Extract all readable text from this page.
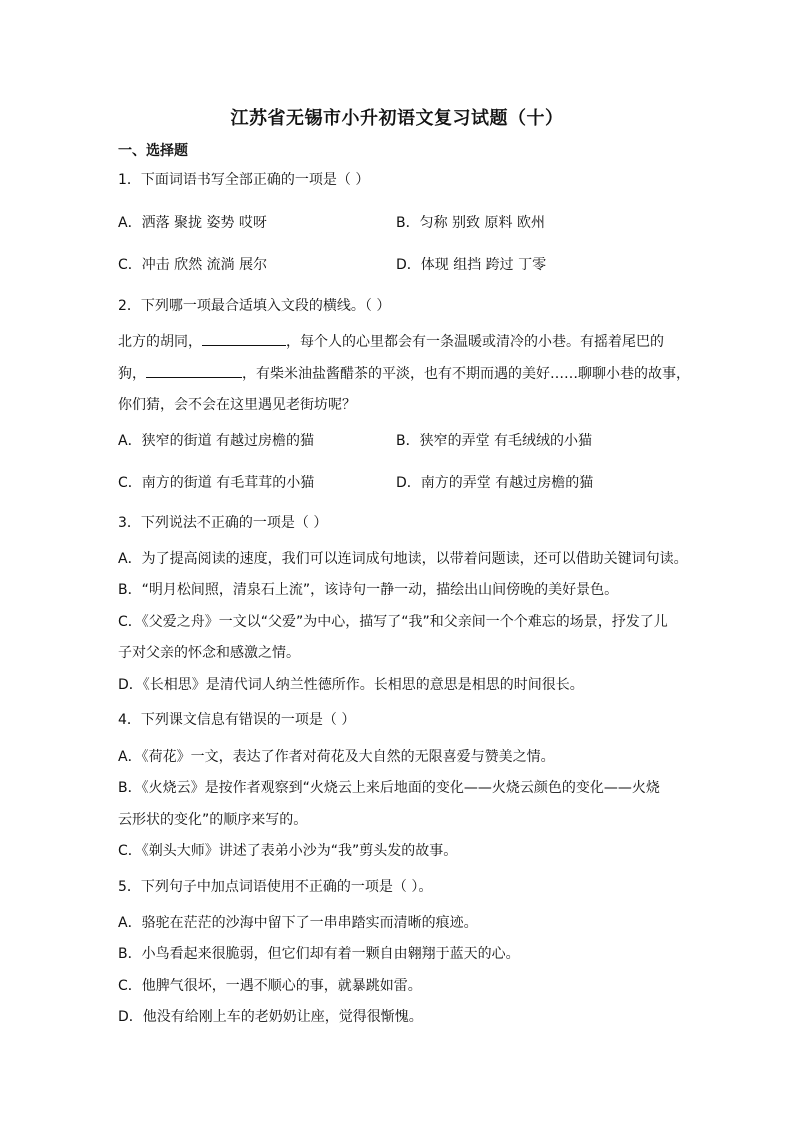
江苏省无锡市小升初语文复习试题（十）
一、选择题
1．下面词语书写全部正确的一项是（ ）
A．洒落 聚拢 姿势 哎呀	B．匀称 别致 原料 欧州
C．冲击 欣然 流淌 展尔	D．体现 组挡 跨过 丁零
2．下列哪一项最合适填入文段的横线。（ ）
北方的胡同，	，每个人的心里都会有一条温暖或清冷的小巷。有摇着尾巴的
狗，	，有柴米油盐酱醋茶的平淡，也有不期而遇的美好……聊聊小巷的故事，
你们猜，会不会在这里遇见老街坊呢？
A．狭窄的街道 有越过房檐的猫	B．狭窄的弄堂 有毛绒绒的小猫
C．南方的街道 有毛茸茸的小猫	D．南方的弄堂 有越过房檐的猫
3．下列说法不正确的一项是（ ）
A．为了提高阅读的速度，我们可以连词成句地读，以带着问题读，还可以借助关键词句读。
B．“明月松间照，清泉石上流”，该诗句一静一动，描绘出山间傍晚的美好景色。
C．《父爱之舟》一文以“父爱”为中心，描写了“我”和父亲间一个个难忘的场景，抒发了儿
子对父亲的怀念和感激之情。
D．《长相思》是清代词人纳兰性德所作。长相思的意思是相思的时间很长。
4．下列课文信息有错误的一项是（ ）
A．《荷花》一文，表达了作者对荷花及大自然的无限喜爱与赞美之情。
B．《火烧云》是按作者观察到“火烧云上来后地面的变化——火烧云颜色的变化——火烧
云形状的变化”的顺序来写的。
C．《剃头大师》讲述了表弟小沙为“我”剪头发的故事。
5．下列句子中加点词语使用不正确的一项是（ ）。
A．骆驼在茫茫的沙海中留下了一串串踏实而清晰的痕迹。
B．小鸟看起来很脆弱，但它们却有着一颗自由翱翔于蓝天的心。
C．他脾气很坏，一遇不顺心的事，就暴跳如雷。
D．他没有给刚上车的老奶奶让座，觉得很惭愧。
